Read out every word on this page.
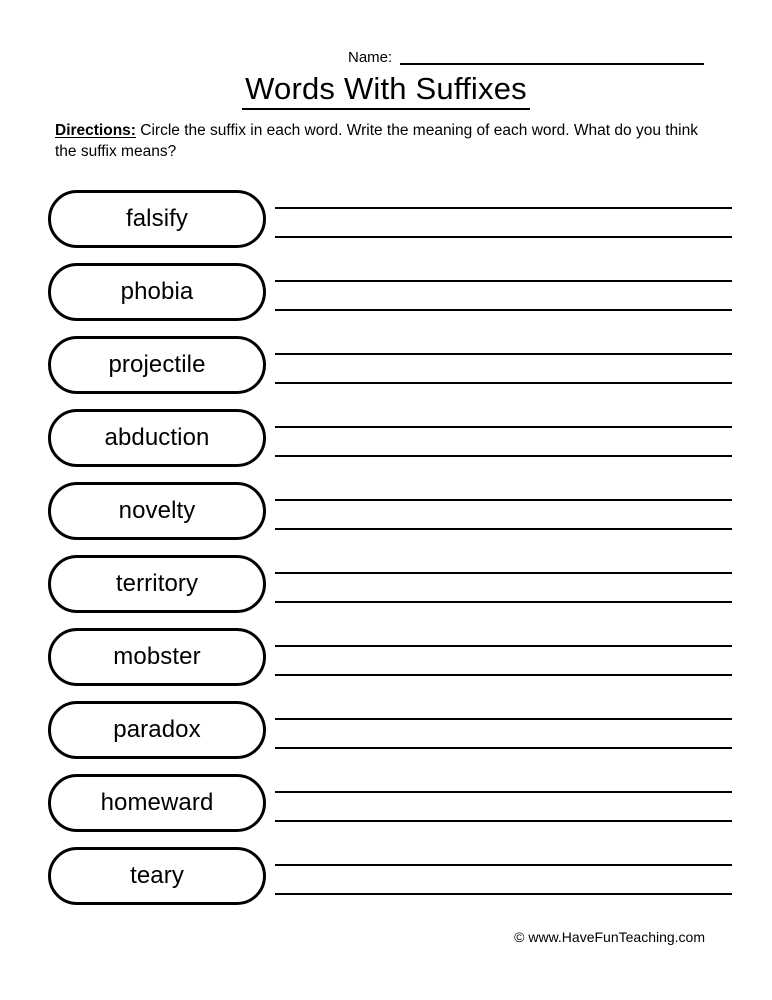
Name:
Words With Suffixes
Directions: Circle the suffix in each word. Write the meaning of each word. What do you think the suffix means?
falsify
phobia
projectile
abduction
novelty
territory
mobster
paradox
homeward
teary
© www.HaveFunTeaching.com
